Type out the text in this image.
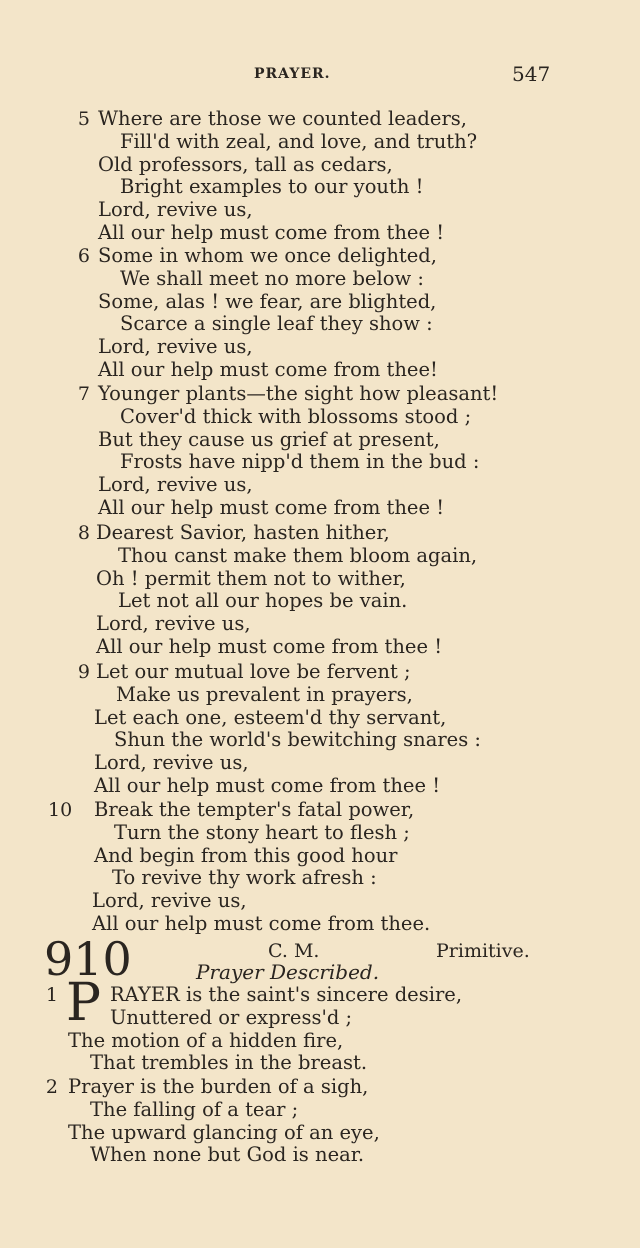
PRAYER.	547
5 Where are those we counted leaders,
Fill'd with zeal, and love, and truth?
Old professors, tall as cedars,
Bright examples to our youth !
Lord, revive us,
All our help must come from thee !
6 Some in whom we once delighted,
We shall meet no more below :
Some, alas ! we fear, are blighted,
Scarce a single leaf they show :
Lord, revive us,
All our help must come from thee!
7 Younger plants—the sight how pleasant!
Cover'd thick with blossoms stood ;
But they cause us grief at present,
Frosts have nipp'd them in the bud :
Lord, revive us,
All our help must come from thee !
8 Dearest Savior, hasten hither,
Thou canst make them bloom again,
Oh ! permit them not to wither,
Let not all our hopes be vain.
Lord, revive us,
All our help must come from thee !
9 Let our mutual love be fervent ;
Make us prevalent in prayers,
Let each one, esteem'd thy servant,
Shun the world's bewitching snares :
Lord, revive us,
All our help must come from thee !
10	Break the tempter's fatal power,
Turn the stony heart to flesh ;
And begin from this good hour
To revive thy work afresh :
Lord, revive us,
All our help must come from thee.
910	C. M.	Primitive.
Prayer Described.
1	RAYER is the saint's sincere desire,
Unuttered or express'd ;
The motion of a hidden fire,
That trembles in the breast.
P
2 Prayer is the burden of a sigh,
The falling of a tear ;
The upward glancing of an eye,
When none but God is near.
